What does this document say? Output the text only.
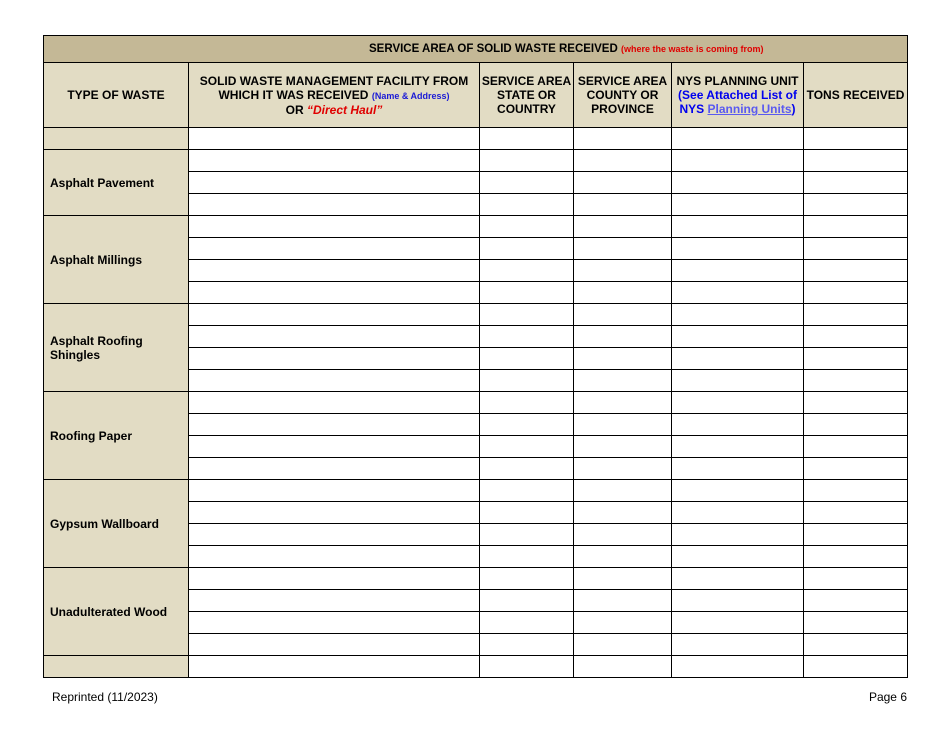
SERVICE AREA OF SOLID WASTE RECEIVED (where the waste is coming from)					

TYPE OF WASTE	SOLID WASTE MANAGEMENT FACILITY FROM
WHICH IT WAS RECEIVED (Name & Address)
OR “Direct Haul”	SERVICE AREA STATE OR COUNTRY	SERVICE AREA COUNTY OR PROVINCE	NYS PLANNING UNIT
(See Attached List of NYS Planning Units)	TONS RECEIVED

Asphalt Pavement					

Asphalt Millings					

Asphalt Roofing Shingles					

Roofing Paper					

Gypsum Wallboard					

Unadulterated Wood					

Reprinted (11/2023)	Page 6
